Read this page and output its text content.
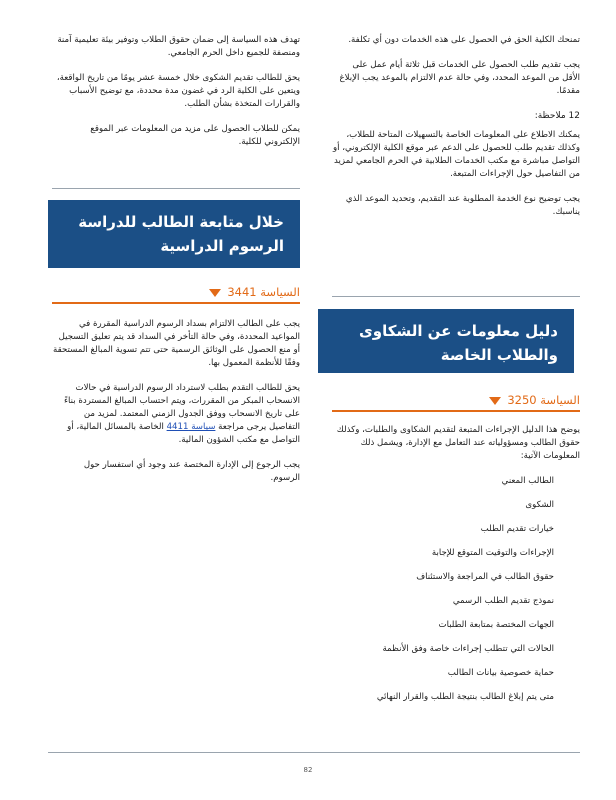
تمنحك الكلية الحق في الحصول على هذه الخدمات دون أي تكلفة.

يجب تقديم طلب الحصول على الخدمات قبل ثلاثة أيام عمل على الأقل من الموعد المحدد، وفي حالة عدم الالتزام بالموعد يجب الإبلاغ مقدمًا.

12 ملاحظة:

يمكنك الاطلاع على المعلومات الخاصة بالتسهيلات المتاحة للطلاب، وكذلك تقديم طلب للحصول على الدعم عبر موقع الكلية الإلكتروني، أو التواصل مباشرة مع مكتب الخدمات الطلابية في الحرم الجامعي لمزيد من التفاصيل حول الإجراءات المتبعة.

يجب توضيح نوع الخدمة المطلوبة عند التقديم، وتحديد الموعد الذي يناسبك.

دليل معلومات عن الشكاوى
والطلاب الخاصة
السياسة 3250

يوضح هذا الدليل الإجراءات المتبعة لتقديم الشكاوى والطلبات، وكذلك حقوق الطالب ومسؤولياته عند التعامل مع الإدارة، ويشمل ذلك المعلومات الآتية:

الطالب المعني
الشكوى
خيارات تقديم الطلب
الإجراءات والتوقيت المتوقع للإجابة
حقوق الطالب في المراجعة والاستئناف
نموذج تقديم الطلب الرسمي
الجهات المختصة بمتابعة الطلبات
الحالات التي تتطلب إجراءات خاصة وفق الأنظمة
حماية خصوصية بيانات الطالب
متى يتم إبلاغ الطالب بنتيجة الطلب والقرار النهائي

تهدف هذه السياسة إلى ضمان حقوق الطلاب وتوفير بيئة تعليمية آمنة ومنصفة للجميع داخل الحرم الجامعي.

يحق للطالب تقديم الشكوى خلال خمسة عشر يومًا من تاريخ الواقعة، ويتعين على الكلية الرد في غضون مدة محددة، مع توضيح الأسباب والقرارات المتخذة بشأن الطلب.

يمكن للطلاب الحصول على مزيد من المعلومات عبر الموقع الإلكتروني للكلية.

خلال متابعة الطالب للدراسة
الرسوم الدراسية
السياسة 3441

يجب على الطالب الالتزام بسداد الرسوم الدراسية المقررة في المواعيد المحددة، وفي حالة التأخر في السداد قد يتم تعليق التسجيل أو منع الحصول على الوثائق الرسمية حتى تتم تسوية المبالغ المستحقة وفقًا للأنظمة المعمول بها.

يحق للطالب التقدم بطلب لاسترداد الرسوم الدراسية في حالات الانسحاب المبكر من المقررات، ويتم احتساب المبالغ المستردة بناءً على تاريخ الانسحاب ووفق الجدول الزمني المعتمد. لمزيد من التفاصيل يرجى مراجعة سياسة 4411 الخاصة بالمسائل المالية، أو التواصل مع مكتب الشؤون المالية.

يجب الرجوع إلى الإدارة المختصة عند وجود أي استفسار حول الرسوم.

82
